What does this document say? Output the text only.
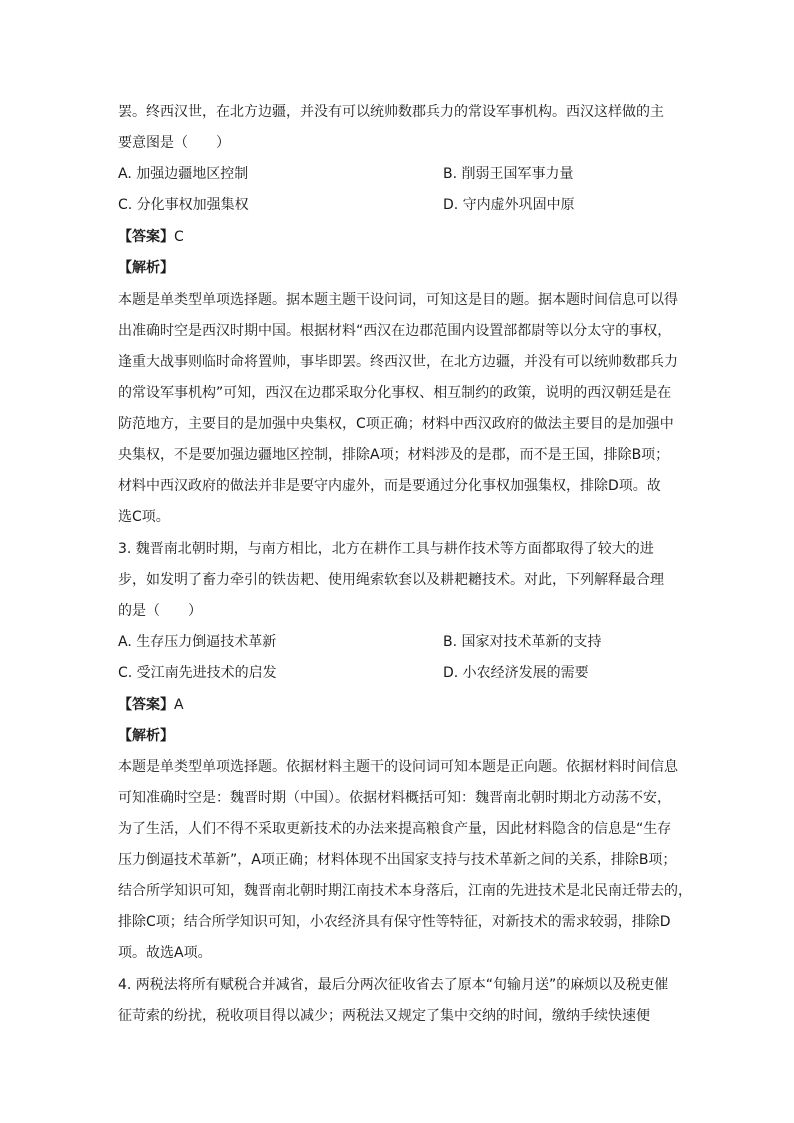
罢。终西汉世，在北方边疆，并没有可以统帅数郡兵力的常设军事机构。西汉这样做的主
要意图是（　　）
A. 加强边疆地区控制	B. 削弱王国军事力量
C. 分化事权加强集权	D. 守内虚外巩固中原
【答案】C
【解析】
本题是单类型单项选择题。据本题主题干设问词，可知这是目的题。据本题时间信息可以得
出准确时空是西汉时期中国。根据材料“西汉在边郡范围内设置部都尉等以分太守的事权，
逢重大战事则临时命将置帅，事毕即罢。终西汉世，在北方边疆，并没有可以统帅数郡兵力
的常设军事机构”可知，西汉在边郡采取分化事权、相互制约的政策，说明的西汉朝廷是在
防范地方，主要目的是加强中央集权，C项正确；材料中西汉政府的做法主要目的是加强中
央集权，不是要加强边疆地区控制，排除A项；材料涉及的是郡，而不是王国，排除B项；
材料中西汉政府的做法并非是要守内虚外，而是要通过分化事权加强集权，排除D项。故
选C项。
3. 魏晋南北朝时期，与南方相比，北方在耕作工具与耕作技术等方面都取得了较大的进
步，如发明了畜力牵引的铁齿耙、使用绳索软套以及耕耙耱技术。对此，下列解释最合理
的是（　　）
A. 生存压力倒逼技术革新	B. 国家对技术革新的支持
C. 受江南先进技术的启发	D. 小农经济发展的需要
【答案】A
【解析】
本题是单类型单项选择题。依据材料主题干的设问词可知本题是正向题。依据材料时间信息
可知准确时空是：魏晋时期（中国）。依据材料概括可知：魏晋南北朝时期北方动荡不安，
为了生活，人们不得不采取更新技术的办法来提高粮食产量，因此材料隐含的信息是“生存
压力倒逼技术革新”，A项正确；材料体现不出国家支持与技术革新之间的关系，排除B项；
结合所学知识可知，魏晋南北朝时期江南技术本身落后，江南的先进技术是北民南迁带去的，
排除C项；结合所学知识可知，小农经济具有保守性等特征，对新技术的需求较弱，排除D
项。故选A项。
4. 两税法将所有赋税合并减省，最后分两次征收省去了原本“旬输月送”的麻烦以及税吏催
征苛索的纷扰，税收项目得以减少；两税法又规定了集中交纳的时间，缴纳手续快速便
